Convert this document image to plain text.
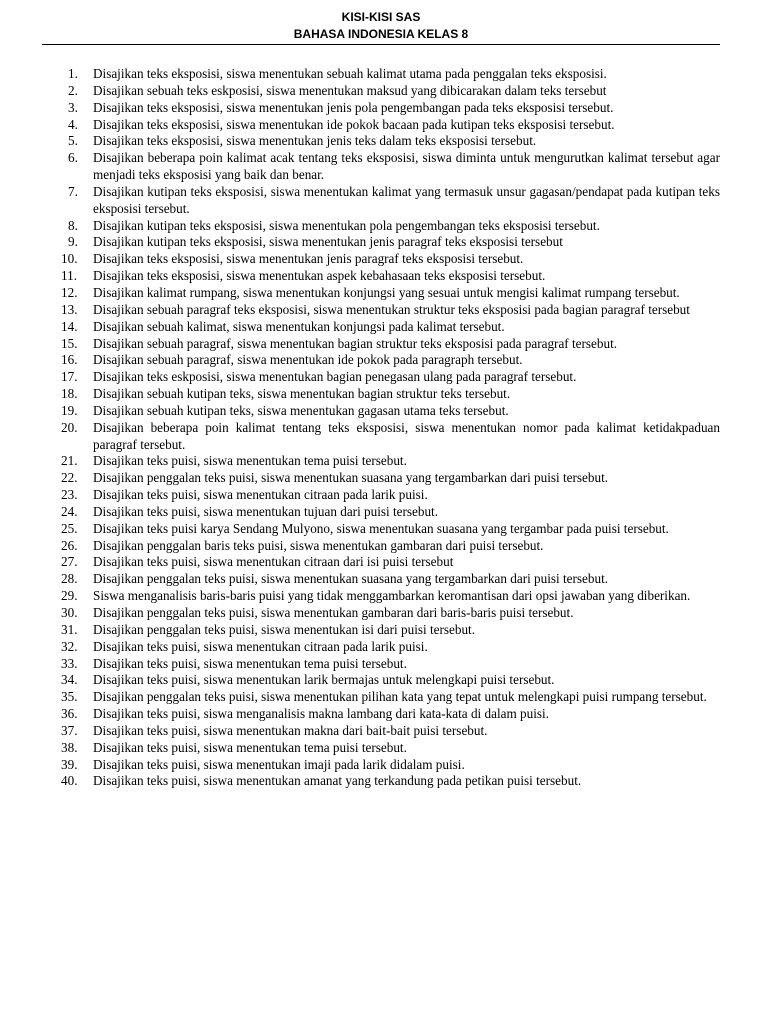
KISI-KISI SAS
BAHASA INDONESIA KELAS 8
1.	Disajikan teks eksposisi, siswa menentukan sebuah kalimat utama pada penggalan teks eksposisi.
2.	Disajikan sebuah teks eskposisi, siswa menentukan maksud yang dibicarakan dalam teks tersebut
3.	Disajikan teks eksposisi, siswa menentukan jenis pola pengembangan pada teks eksposisi tersebut.
4.	Disajikan teks eksposisi, siswa menentukan ide pokok bacaan pada kutipan teks eksposisi tersebut.
5.	Disajikan teks eksposisi, siswa menentukan jenis teks dalam teks eksposisi tersebut.
6.	Disajikan beberapa poin kalimat acak tentang teks eksposisi, siswa diminta untuk mengurutkan kalimat tersebut agar menjadi teks eksposisi yang baik dan benar.
7.	Disajikan kutipan teks eksposisi, siswa menentukan kalimat yang termasuk unsur gagasan/pendapat pada kutipan teks eksposisi tersebut.
8.	Disajikan kutipan teks eksposisi, siswa menentukan pola pengembangan teks eksposisi tersebut.
9.	Disajikan kutipan teks eksposisi, siswa menentukan jenis paragraf teks eksposisi tersebut
10.	Disajikan teks eksposisi, siswa menentukan jenis paragraf teks eksposisi tersebut.
11.	Disajikan teks eksposisi, siswa menentukan aspek kebahasaan teks eksposisi tersebut.
12.	Disajikan kalimat rumpang, siswa menentukan konjungsi yang sesuai untuk mengisi kalimat rumpang tersebut.
13.	Disajikan sebuah paragraf teks eksposisi, siswa menentukan struktur teks eksposisi pada bagian paragraf tersebut
14.	Disajikan sebuah kalimat, siswa menentukan konjungsi pada kalimat tersebut.
15.	Disajikan sebuah paragraf, siswa menentukan bagian struktur teks eksposisi pada paragraf tersebut.
16.	Disajikan sebuah paragraf, siswa menentukan ide pokok pada paragraph tersebut.
17.	Disajikan teks eskposisi, siswa menentukan bagian penegasan ulang pada paragraf tersebut.
18.	Disajikan sebuah kutipan teks, siswa menentukan bagian struktur teks tersebut.
19.	Disajikan sebuah kutipan teks, siswa menentukan gagasan utama teks tersebut.
20.	Disajikan beberapa poin kalimat tentang teks eksposisi, siswa menentukan nomor pada kalimat ketidakpaduan paragraf tersebut.
21.	Disajikan teks puisi, siswa menentukan tema puisi tersebut.
22.	Disajikan penggalan teks puisi, siswa menentukan suasana yang tergambarkan dari puisi tersebut.
23.	Disajikan teks puisi, siswa menentukan citraan pada larik puisi.
24.	Disajikan teks puisi, siswa menentukan tujuan dari puisi tersebut.
25.	Disajikan teks puisi karya Sendang Mulyono, siswa menentukan suasana yang tergambar pada puisi tersebut.
26.	Disajikan penggalan baris teks puisi, siswa menentukan gambaran dari puisi tersebut.
27.	Disajikan teks puisi, siswa menentukan citraan dari isi puisi tersebut
28.	Disajikan penggalan teks puisi, siswa menentukan suasana yang tergambarkan dari puisi tersebut.
29.	Siswa menganalisis baris-baris puisi yang tidak menggambarkan keromantisan dari opsi jawaban yang diberikan.
30.	Disajikan penggalan teks puisi, siswa menentukan gambaran dari baris-baris puisi tersebut.
31.	Disajikan penggalan teks puisi, siswa menentukan isi dari puisi tersebut.
32.	Disajikan teks puisi, siswa menentukan citraan pada larik puisi.
33.	Disajikan teks puisi, siswa menentukan tema puisi tersebut.
34.	Disajikan teks puisi, siswa menentukan larik bermajas untuk melengkapi puisi tersebut.
35.	Disajikan penggalan teks puisi, siswa menentukan pilihan kata yang tepat untuk melengkapi puisi rumpang tersebut.
36.	Disajikan teks puisi, siswa menganalisis makna lambang dari kata-kata di dalam puisi.
37.	Disajikan teks puisi, siswa menentukan makna dari bait-bait puisi tersebut.
38.	Disajikan teks puisi, siswa menentukan tema puisi tersebut.
39.	Disajikan teks puisi, siswa menentukan imaji pada larik didalam puisi.
40.	Disajikan teks puisi, siswa menentukan amanat yang terkandung pada petikan puisi tersebut.
